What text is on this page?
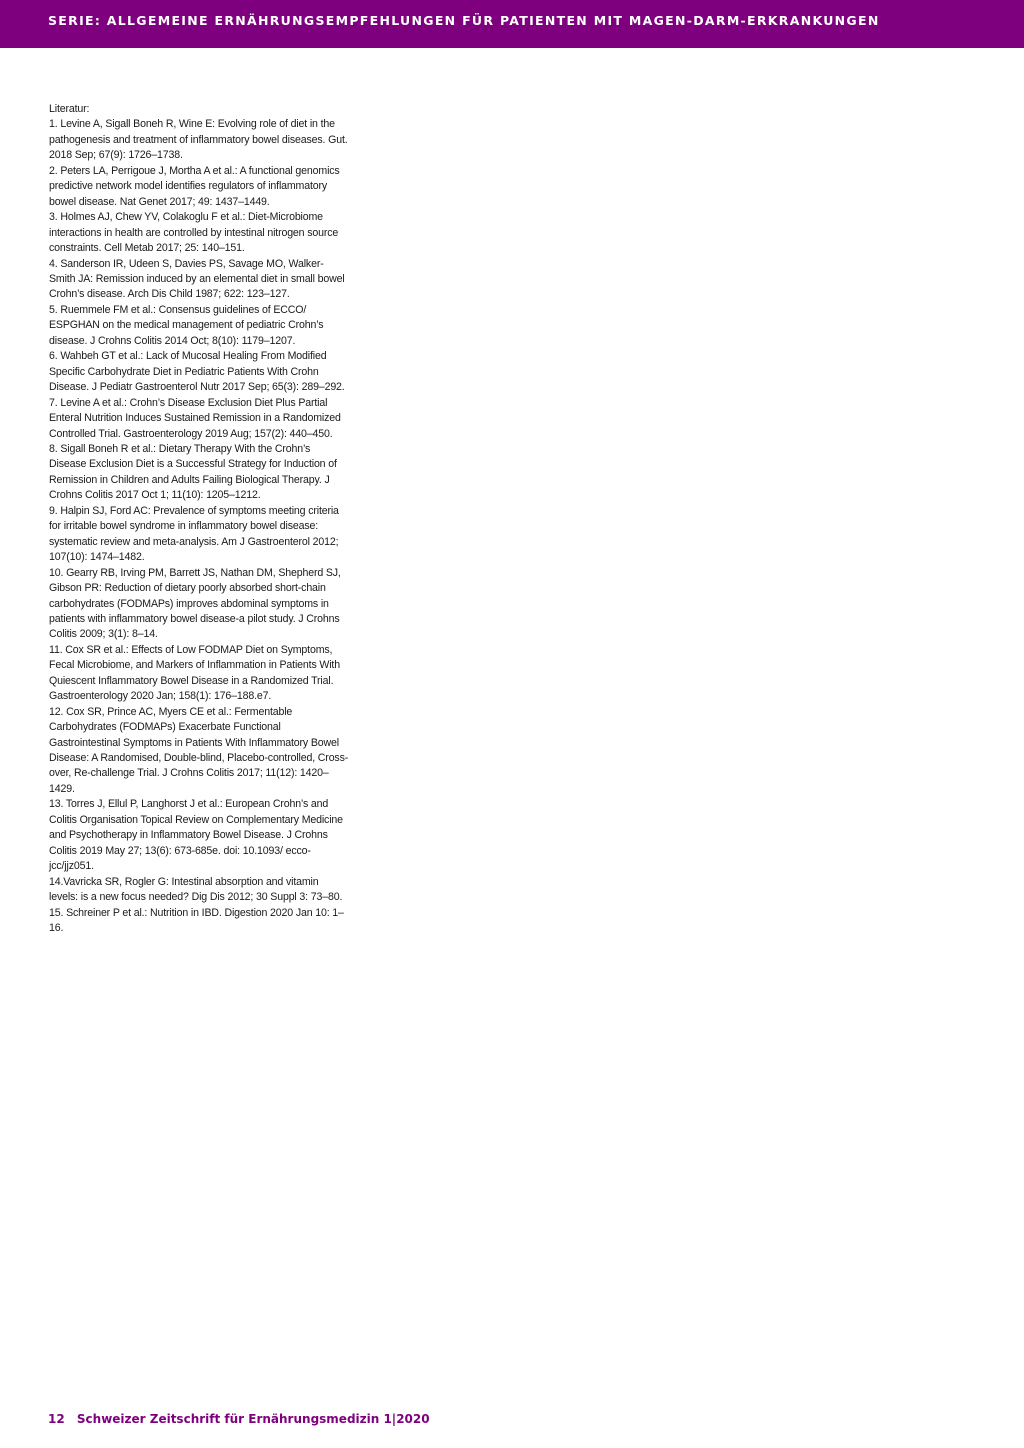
SERIE: ALLGEMEINE ERNÄHRUNGSEMPFEHLUNGEN FÜR PATIENTEN MIT MAGEN-DARM-ERKRANKUNGEN
Literatur:
1. Levine A, Sigall Boneh R, Wine E: Evolving role of diet in the pathogenesis and treatment of inflammatory bowel diseases. Gut. 2018 Sep; 67(9): 1726–1738.
2. Peters LA, Perrigoue J, Mortha A et al.: A functional genomics predictive network model identifies regulators of inflammatory bowel disease. Nat Genet 2017; 49: 1437–1449.
3. Holmes AJ, Chew YV, Colakoglu F et al.: Diet-Microbiome interactions in health are controlled by intestinal nitrogen source constraints. Cell Metab 2017; 25: 140–151.
4. Sanderson IR, Udeen S, Davies PS, Savage MO, Walker-Smith JA: Remission induced by an elemental diet in small bowel Crohn’s disease. Arch Dis Child 1987; 622: 123–127.
5. Ruemmele FM et al.: Consensus guidelines of ECCO/ ESPGHAN on the medical management of pediatric Crohn’s disease. J Crohns Colitis 2014 Oct; 8(10): 1179–1207.
6. Wahbeh GT et al.: Lack of Mucosal Healing From Modified Specific Carbohydrate Diet in Pediatric Patients With Crohn Disease. J Pediatr Gastroenterol Nutr 2017 Sep; 65(3): 289–292.
7. Levine A et al.: Crohn’s Disease Exclusion Diet Plus Partial Enteral Nutrition Induces Sustained Remission in a Randomized Controlled Trial. Gastroenterology 2019 Aug; 157(2): 440–450.
8. Sigall Boneh R et al.: Dietary Therapy With the Crohn’s Disease Exclusion Diet is a Successful Strategy for Induction of Remission in Children and Adults Failing Biological Therapy. J Crohns Colitis 2017 Oct 1; 11(10): 1205–1212.
9. Halpin SJ, Ford AC: Prevalence of symptoms meeting criteria for irritable bowel syndrome in inflammatory bowel disease: systematic review and meta-analysis. Am J Gastroenterol 2012; 107(10): 1474–1482.
10. Gearry RB, Irving PM, Barrett JS, Nathan DM, Shepherd SJ, Gibson PR: Reduction of dietary poorly absorbed short-chain carbohydrates (FODMAPs) improves abdominal symptoms in patients with inflammatory bowel disease-a pilot study. J Crohns Colitis 2009; 3(1): 8–14.
11. Cox SR et al.: Effects of Low FODMAP Diet on Symptoms, Fecal Microbiome, and Markers of Inflammation in Patients With Quiescent Inflammatory Bowel Disease in a Randomized Trial. Gastroenterology 2020 Jan; 158(1): 176–188.e7.
12. Cox SR, Prince AC, Myers CE et al.: Fermentable Carbohydrates (FODMAPs) Exacerbate Functional Gastrointestinal Symptoms in Patients With Inflammatory Bowel Disease: A Randomised, Double-blind, Placebo-controlled, Cross-over, Re-challenge Trial. J Crohns Colitis 2017; 11(12): 1420–1429.
13. Torres J, Ellul P, Langhorst J et al.: European Crohn’s and Colitis Organisation Topical Review on Complementary Medicine and Psychotherapy in Inflammatory Bowel Disease. J Crohns Colitis 2019 May 27; 13(6): 673-685e. doi: 10.1093/ ecco-jcc/jjz051.
14.Vavricka SR, Rogler G: Intestinal absorption and vitamin levels: is a new focus needed? Dig Dis 2012; 30 Suppl 3: 73–80.
15. Schreiner P et al.: Nutrition in IBD. Digestion 2020 Jan 10: 1–16.
12 Schweizer Zeitschrift für Ernährungsmedizin 1|2020
